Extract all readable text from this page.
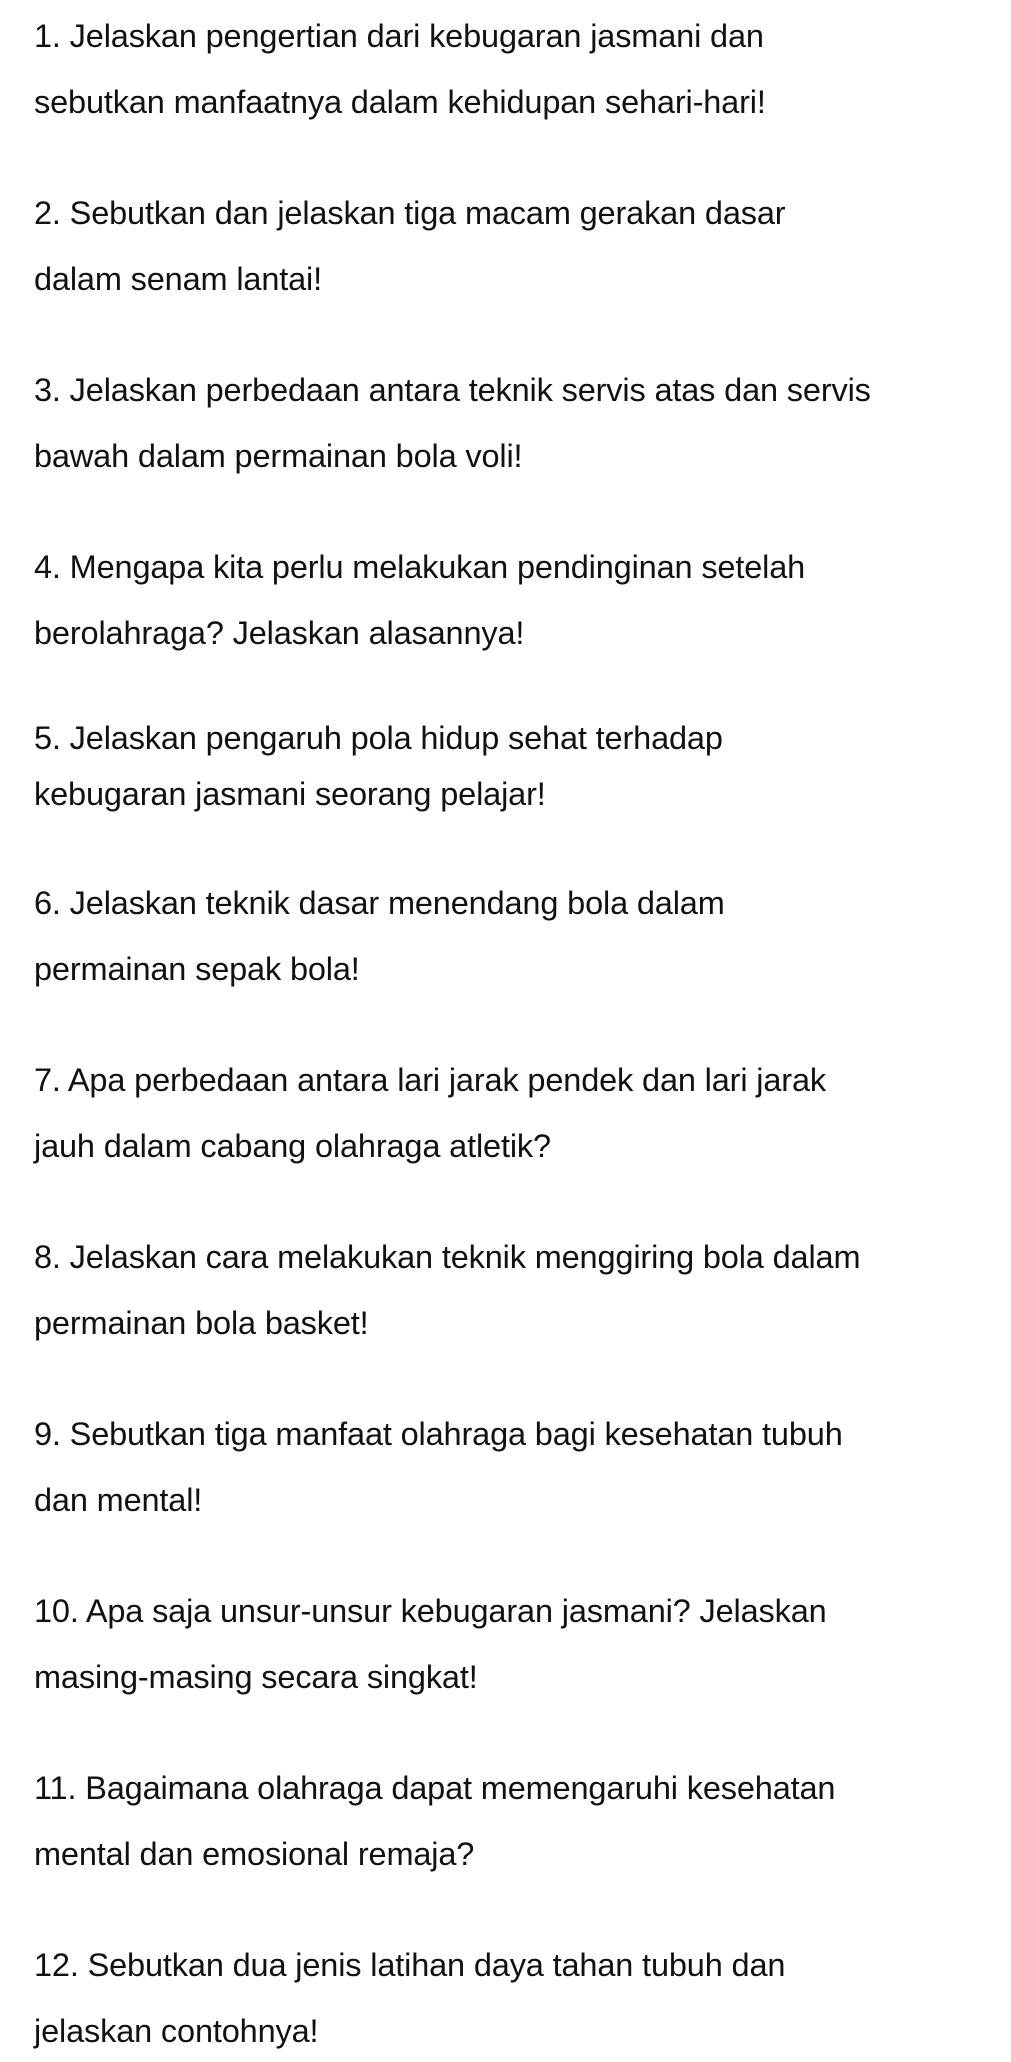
1. Jelaskan pengertian dari kebugaran jasmani dan
sebutkan manfaatnya dalam kehidupan sehari-hari!
2. Sebutkan dan jelaskan tiga macam gerakan dasar
dalam senam lantai!
3. Jelaskan perbedaan antara teknik servis atas dan servis
bawah dalam permainan bola voli!
4. Mengapa kita perlu melakukan pendinginan setelah
berolahraga? Jelaskan alasannya!
5. Jelaskan pengaruh pola hidup sehat terhadap
kebugaran jasmani seorang pelajar!
6. Jelaskan teknik dasar menendang bola dalam
permainan sepak bola!
7. Apa perbedaan antara lari jarak pendek dan lari jarak
jauh dalam cabang olahraga atletik?
8. Jelaskan cara melakukan teknik menggiring bola dalam
permainan bola basket!
9. Sebutkan tiga manfaat olahraga bagi kesehatan tubuh
dan mental!
10. Apa saja unsur-unsur kebugaran jasmani? Jelaskan
masing-masing secara singkat!
11. Bagaimana olahraga dapat memengaruhi kesehatan
mental dan emosional remaja?
12. Sebutkan dua jenis latihan daya tahan tubuh dan
jelaskan contohnya!
